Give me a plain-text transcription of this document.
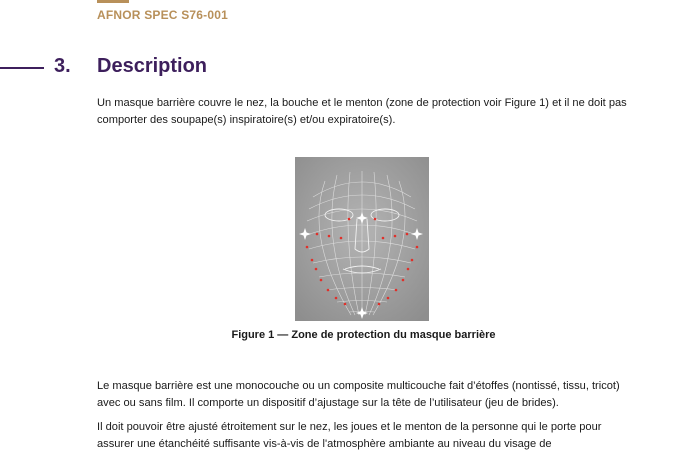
AFNOR SPEC S76-001
3. Description

Un masque barrière couvre le nez, la bouche et le menton (zone de protection voir Figure 1) et il ne doit pas comporter des soupape(s) inspiratoire(s) et/ou expiratoire(s).

Figure 1 — Zone de protection du masque barrière

Le masque barrière est une monocouche ou un composite multicouche fait d’étoffes (nontissé, tissu, tricot) avec ou sans film. Il comporte un dispositif d’ajustage sur la tête de l’utilisateur (jeu de brides).

Il doit pouvoir être ajusté étroitement sur le nez, les joues et le menton de la personne qui le porte pour assurer une étanchéité suffisante vis-à-vis de l'atmosphère ambiante au niveau du visage de
